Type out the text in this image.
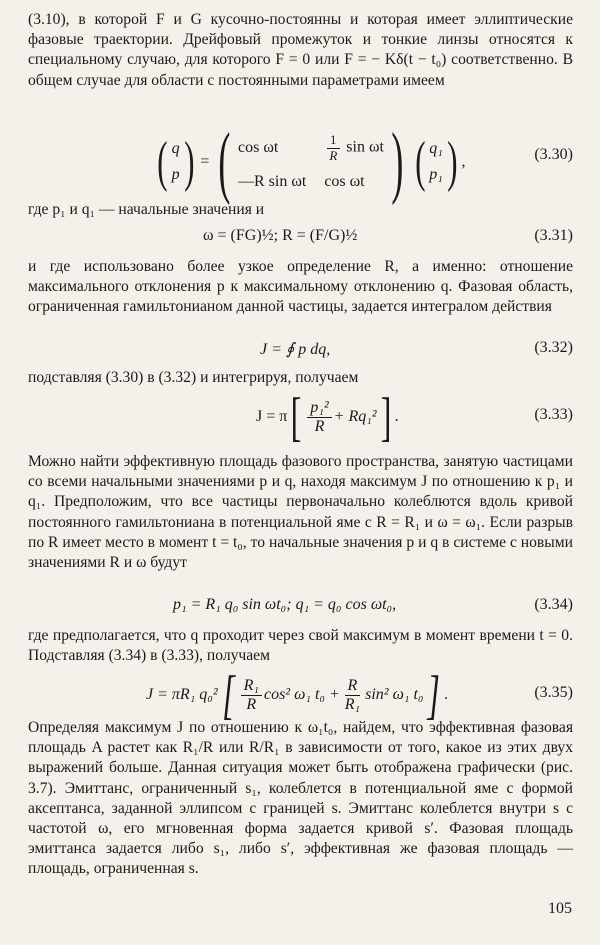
(3.10), в которой F и G кусочно-постоянны и которая имеет эллиптические фазовые траектории. Дрейфовый промежуток и тонкие линзы относятся к специальному случаю, для которого F = 0 или F = − Kδ(t − t₀) соответственно. В общем случае для области с постоянными параметрами имеем

( q
p ) = ( cos ωt	$\frac{1}{R}$ sin ωt
—R sin ωt cos ωt ) ( q₁
p₁ ) ,	(3.30)

где p₁ и q₁ — начальные значения и

ω = (FG)½; R = (F/G)½	(3.31)

и где использовано более узкое определение R, а именно: отношение максимального отклонения p к максимальному отклонению q. Фазовая область, ограниченная гамильтонианом данной частицы, задается интегралом действия

J = ∮ p dq,	(3.32)

подставляя (3.30) в (3.32) и интегрируя, получаем

J = π [ $\frac{\text{p₁²}}{R} + Rq_1^2$ ] .	(3.33)

Можно найти эффективную площадь фазового пространства, занятую частицами со всеми начальными значениями p и q, находя максимум J по отношению к p₁ и q₁. Предположим, что все частицы первоначально колеблются вдоль кривой постоянного гамильтониана в потенциальной яме с R = R₁ и ω = ω₁. Если разрыв по R имеет место в момент t = t₀, то начальные значения p и q в системе с новыми значениями R и ω будут

p₁ = R₁ q₀ sin ωt₀; q₁ = q₀ cos ωt₀,	(3.34)

где предполагается, что q проходит через свой максимум в момент времени t = 0. Подставляя (3.34) в (3.33), получаем

J = πR₁ q₀² [ $\frac{\text{R₁}}{R} \cos^2$ ω₁ $t_0 + \frac{R}{\text{R₁}} \sin^2$ ω₁ t₀ ] .	(3.35)

Определяя максимум J по отношению к ω₁t₀, найдем, что эффективная фазовая площадь A растет как R₁/R или R/R₁ в зависимости от того, какое из этих двух выражений больше. Данная ситуация может быть отображена графически (рис. 3.7). Эмиттанс, ограниченный s₁, колеблется в потенциальной яме с формой аксептанса, заданной эллипсом с границей s. Эмиттанс колеблется внутри s с частотой ω, его мгновенная форма задается кривой s′. Фазовая площадь эмиттанса задается либо s₁, либо s′, эффективная же фазовая площадь — площадь, ограниченная s.

105
